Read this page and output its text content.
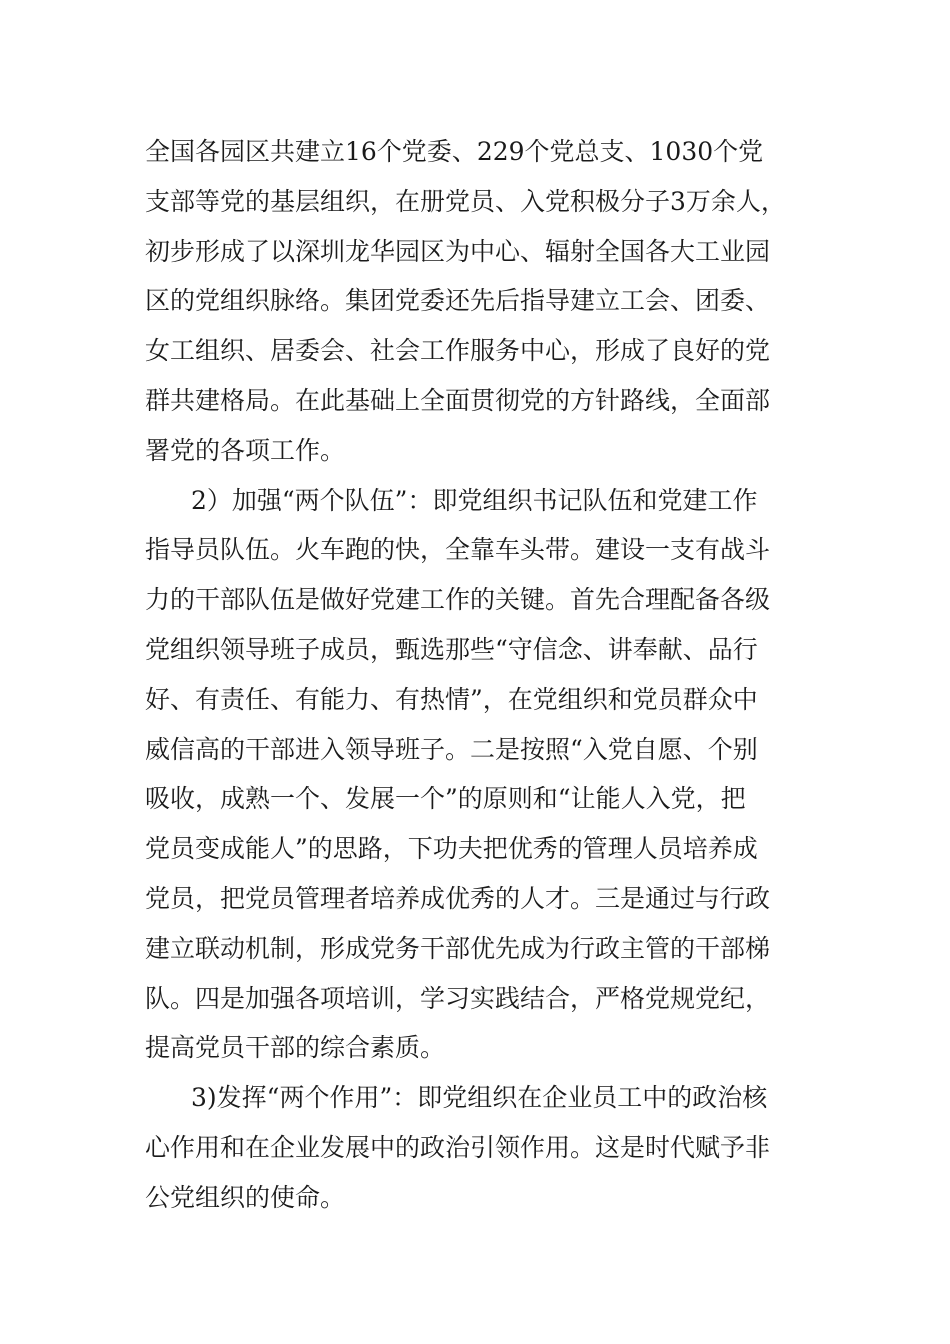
全国各园区共建立16个党委、229个党总支、1030个党
支部等党的基层组织，在册党员、入党积极分子3万余人，
初步形成了以深圳龙华园区为中心、辐射全国各大工业园
区的党组织脉络。集团党委还先后指导建立工会、团委、
女工组织、居委会、社会工作服务中心，形成了良好的党
群共建格局。在此基础上全面贯彻党的方针路线，全面部
署党的各项工作。
2）加强“两个队伍”：即党组织书记队伍和党建工作
指导员队伍。火车跑的快，全靠车头带。建设一支有战斗
力的干部队伍是做好党建工作的关键。首先合理配备各级
党组织领导班子成员，甄选那些“守信念、讲奉献、品行
好、有责任、有能力、有热情”，在党组织和党员群众中
威信高的干部进入领导班子。二是按照“入党自愿、个别
吸收，成熟一个、发展一个”的原则和“让能人入党，把
党员变成能人”的思路，下功夫把优秀的管理人员培养成
党员，把党员管理者培养成优秀的人才。三是通过与行政
建立联动机制，形成党务干部优先成为行政主管的干部梯
队。四是加强各项培训，学习实践结合，严格党规党纪，
提高党员干部的综合素质。
3)发挥“两个作用”：即党组织在企业员工中的政治核
心作用和在企业发展中的政治引领作用。这是时代赋予非
公党组织的使命。
